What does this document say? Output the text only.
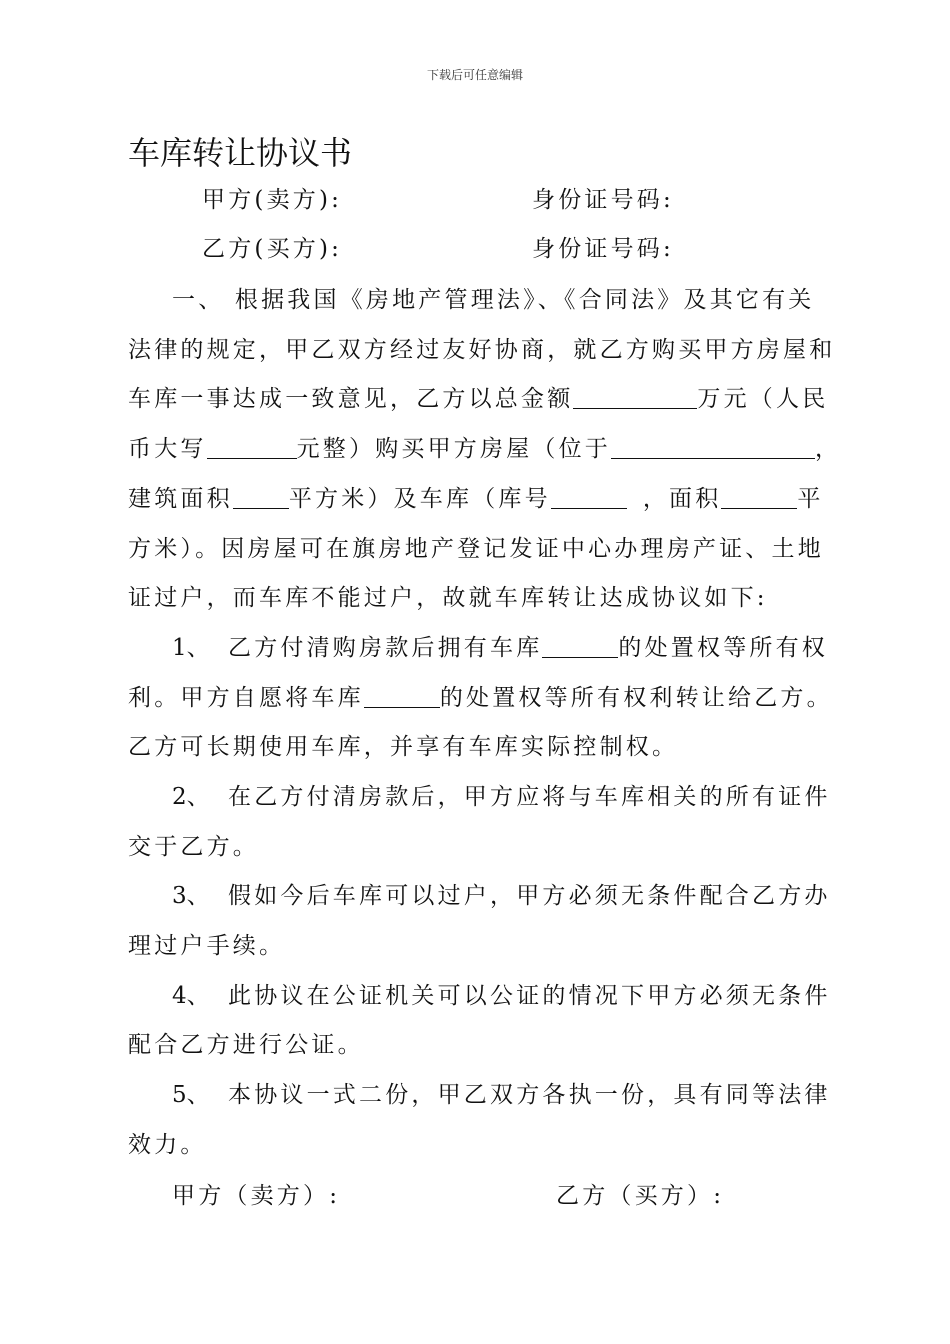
下载后可任意编辑
车库转让协议书
甲方(卖方):	身份证号码:
乙方(买方):	身份证号码:
一、 根据我国《房地产管理法》、《合同法》及其它有关
法律的规定，甲乙双方经过友好协商，就乙方购买甲方房屋和
车库一事达成一致意见，乙方以总金额	万元（人民
币大写	元整）购买甲方房屋（位于	，
建筑面积 平方米）及车库（库号	，面积	平
方米）。因房屋可在旗房地产登记发证中心办理房产证、土地
证过户，而车库不能过户，故就车库转让达成协议如下:
1、 乙方付清购房款后拥有车库	的处置权等所有权
利。甲方自愿将车库	的处置权等所有权利转让给乙方。
乙方可长期使用车库，并享有车库实际控制权。
2、 在乙方付清房款后，甲方应将与车库相关的所有证件
交于乙方。
3、 假如今后车库可以过户，甲方必须无条件配合乙方办
理过户手续。
4、 此协议在公证机关可以公证的情况下甲方必须无条件
配合乙方进行公证。
5、 本协议一式二份，甲乙双方各执一份，具有同等法律
效力。
甲方（卖方）:	乙方（买方）:
